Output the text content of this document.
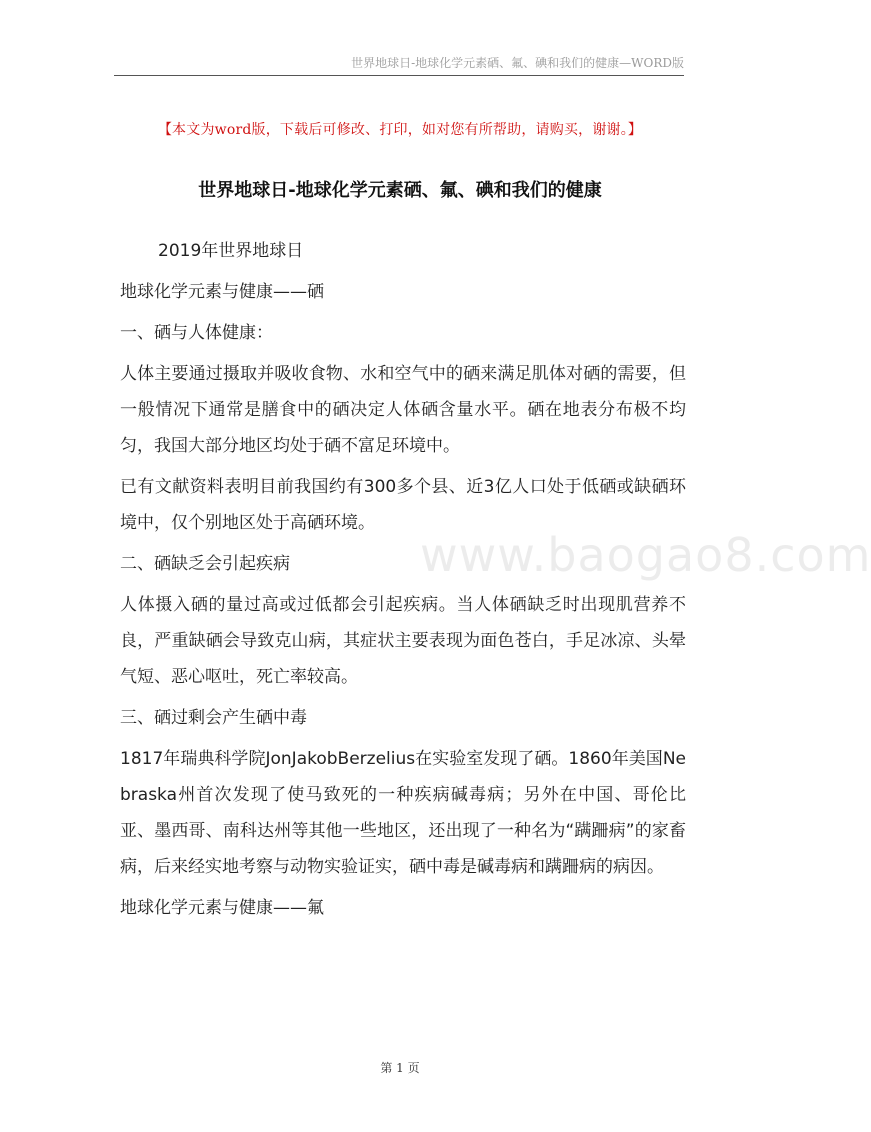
世界地球日-地球化学元素硒、氟、碘和我们的健康—WORD版
【本文为word版，下载后可修改、打印，如对您有所帮助，请购买，谢谢。】
世界地球日-地球化学元素硒、氟、碘和我们的健康
www.baogao8.com

2019年世界地球日

地球化学元素与健康——硒

一、硒与人体健康：

人体主要通过摄取并吸收食物、水和空气中的硒来满足肌体对硒的需要，但一般情况下通常是膳食中的硒决定人体硒含量水平。硒在地表分布极不均匀，我国大部分地区均处于硒不富足环境中。

已有文献资料表明目前我国约有300多个县、近3亿人口处于低硒或缺硒环境中，仅个别地区处于高硒环境。

二、硒缺乏会引起疾病

人体摄入硒的量过高或过低都会引起疾病。当人体硒缺乏时出现肌营养不良，严重缺硒会导致克山病，其症状主要表现为面色苍白，手足冰凉、头晕气短、恶心呕吐，死亡率较高。

三、硒过剩会产生硒中毒

1817年瑞典科学院JonJakobBerzelius在实验室发现了硒。1860年美国Nebraska州首次发现了使马致死的一种疾病碱毒病；另外在中国、哥伦比亚、墨西哥、南科达州等其他一些地区，还出现了一种名为“蹒跚病”的家畜病，后来经实地考察与动物实验证实，硒中毒是碱毒病和蹒跚病的病因。

地球化学元素与健康——氟

第 1 页
